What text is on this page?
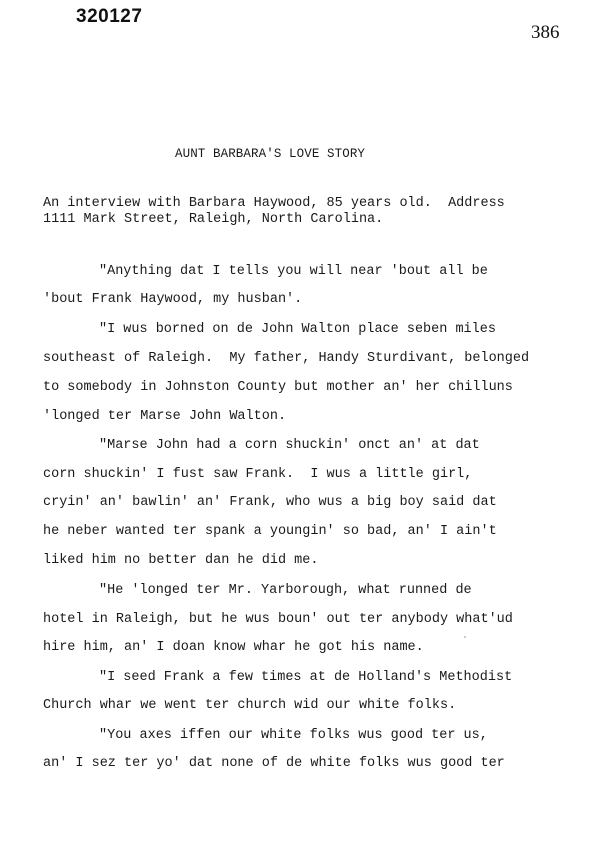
320127
386
AUNT BARBARA'S LOVE STORY
An interview with Barbara Haywood, 85 years old.  Address
1111 Mark Street, Raleigh, North Carolina.
"Anything dat I tells you will near 'bout all be
'bout Frank Haywood, my husban'.
"I wus borned on de John Walton place seben miles
southeast of Raleigh.  My father, Handy Sturdivant, belonged
to somebody in Johnston County but mother an' her chilluns
'longed ter Marse John Walton.
"Marse John had a corn shuckin' onct an' at dat
corn shuckin' I fust saw Frank.  I wus a little girl,
cryin' an' bawlin' an' Frank, who wus a big boy said dat
he neber wanted ter spank a youngin' so bad, an' I ain't
liked him no better dan he did me.
"He 'longed ter Mr. Yarborough, what runned de
hotel in Raleigh, but he wus boun' out ter anybody what'ud
hire him, an' I doan know whar he got his name.
"I seed Frank a few times at de Holland's Methodist
Church whar we went ter church wid our white folks.
"You axes iffen our white folks wus good ter us,
an' I sez ter yo' dat none of de white folks wus good ter
